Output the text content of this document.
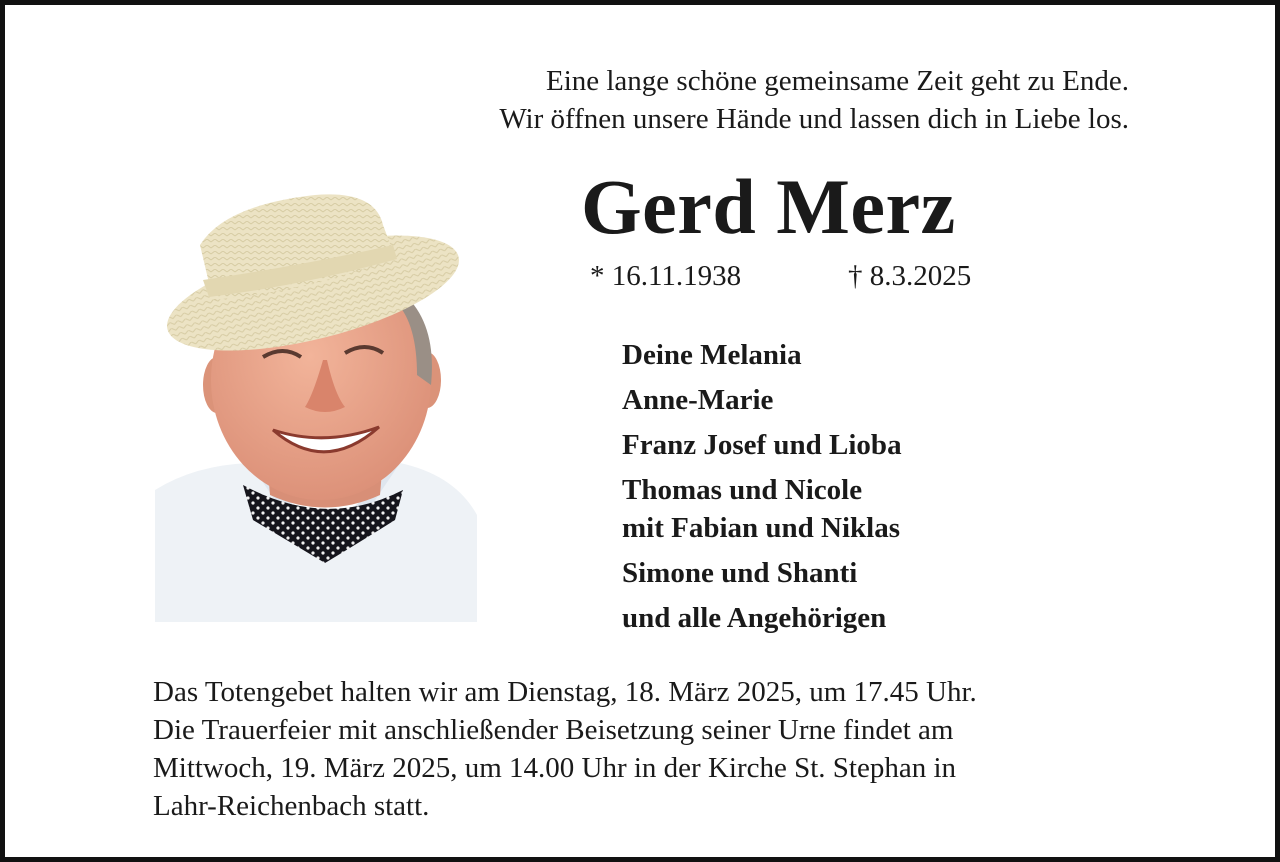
Eine lange schöne gemeinsame Zeit geht zu Ende.
Wir öffnen unsere Hände und lassen dich in Liebe los.
Gerd Merz
* 16.11.1938	† 8.3.2025
Deine Melania
Anne-Marie
Franz Josef und Lioba
Thomas und Nicole
mit Fabian und Niklas
Simone und Shanti
und alle Angehörigen
Das Totengebet halten wir am Dienstag, 18. März 2025, um 17.45 Uhr.
Die Trauerfeier mit anschließender Beisetzung seiner Urne findet am
Mittwoch, 19. März 2025, um 14.00 Uhr in der Kirche St. Stephan in
Lahr-Reichenbach statt.
